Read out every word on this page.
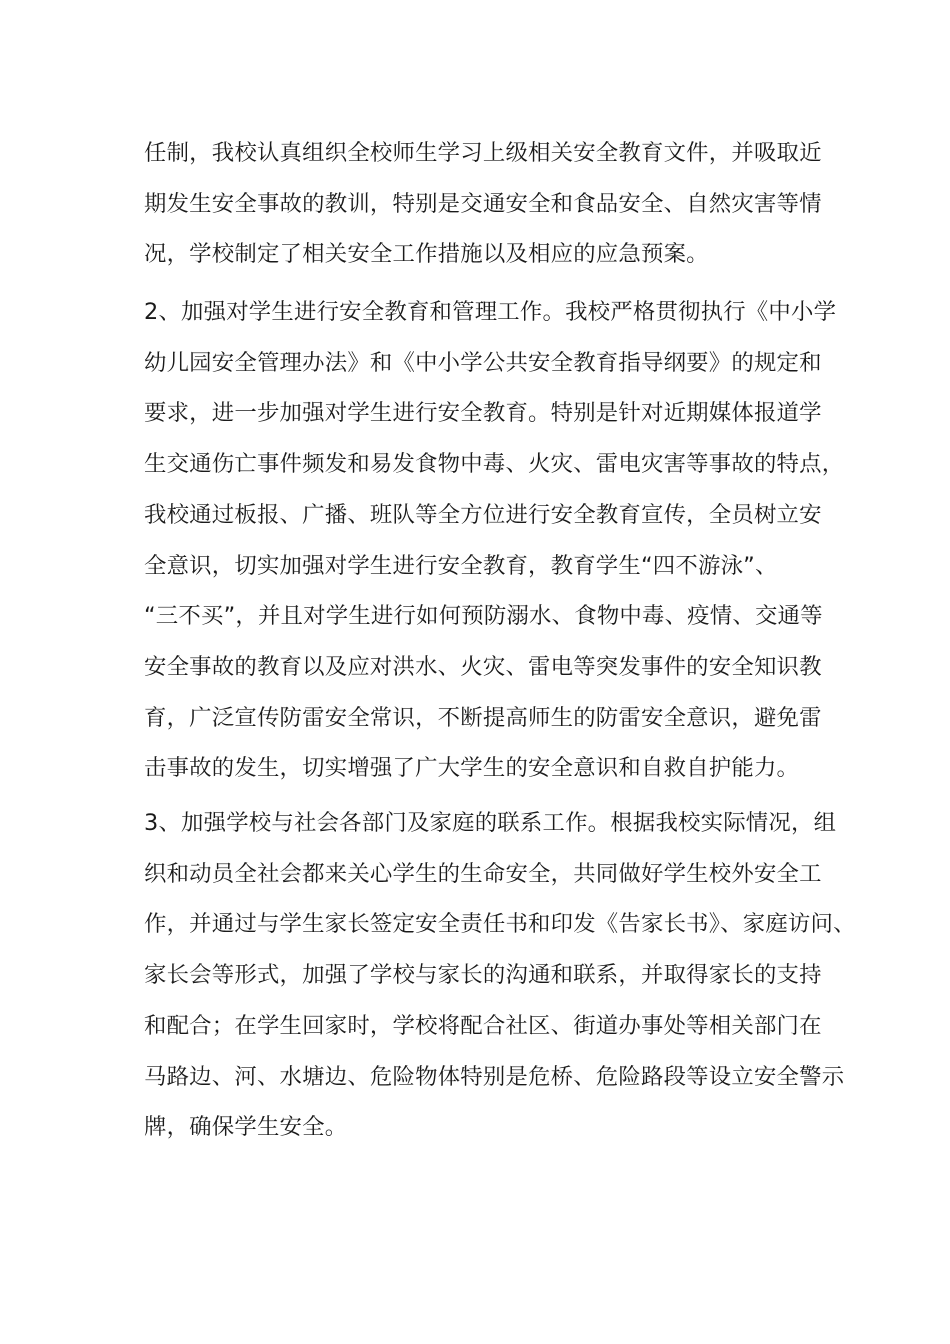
任制，我校认真组织全校师生学习上级相关安全教育文件，并吸取近
期发生安全事故的教训，特别是交通安全和食品安全、自然灾害等情
况，学校制定了相关安全工作措施以及相应的应急预案。
2、加强对学生进行安全教育和管理工作。我校严格贯彻执行《中小学
幼儿园安全管理办法》和《中小学公共安全教育指导纲要》的规定和
要求，进一步加强对学生进行安全教育。特别是针对近期媒体报道学
生交通伤亡事件频发和易发食物中毒、火灾、雷电灾害等事故的特点，
我校通过板报、广播、班队等全方位进行安全教育宣传，全员树立安
全意识，切实加强对学生进行安全教育，教育学生“四不游泳”、
“三不买”，并且对学生进行如何预防溺水、食物中毒、疫情、交通等
安全事故的教育以及应对洪水、火灾、雷电等突发事件的安全知识教
育，广泛宣传防雷安全常识，不断提高师生的防雷安全意识，避免雷
击事故的发生，切实增强了广大学生的安全意识和自救自护能力。
3、加强学校与社会各部门及家庭的联系工作。根据我校实际情况，组
织和动员全社会都来关心学生的生命安全，共同做好学生校外安全工
作，并通过与学生家长签定安全责任书和印发《告家长书》、家庭访问、
家长会等形式，加强了学校与家长的沟通和联系，并取得家长的支持
和配合；在学生回家时，学校将配合社区、街道办事处等相关部门在
马路边、河、水塘边、危险物体特别是危桥、危险路段等设立安全警示
牌，确保学生安全。
